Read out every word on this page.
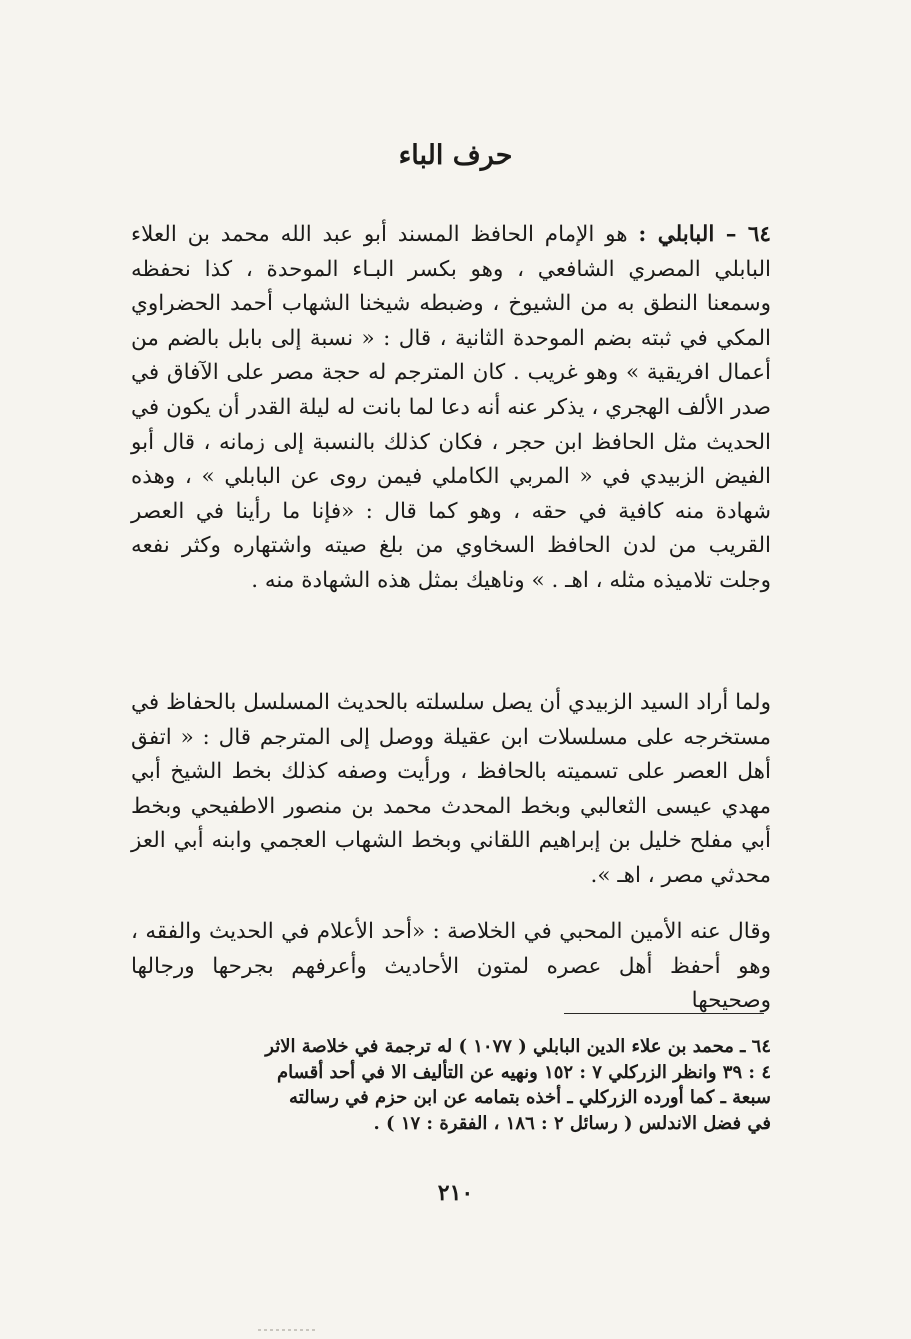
حرف الباء

٦٤ – البابلي : هو الإمام الحافظ المسند أبو عبد الله محمد بن العلاء البابلي المصري الشافعي ، وهو بكسر البـاء الموحدة ، كذا نحفظه وسمعنا النطق به من الشيوخ ، وضبطه شيخنا الشهاب أحمد الحضراوي المكي في ثبته بضم الموحدة الثانية ، قال : « نسبة إلى بابل بالضم من أعمال افريقية » وهو غريب . كان المترجم له حجة مصر على الآفاق في صدر الألف الهجري ، يذكر عنه أنه دعا لما بانت له ليلة القدر أن يكون في الحديث مثل الحافظ ابن حجر ، فكان كذلك بالنسبة إلى زمانه ، قال أبو الفيض الزبيدي في « المربي الكاملي فيمن روى عن البابلي » ، وهذه شهادة منه كافية في حقه ، وهو كما قال : «فإنا ما رأينا في العصر القريب من لدن الحافظ السخاوي من بلغ صيته واشتهاره وكثر نفعه وجلت تلاميذه مثله ، اهـ . » وناهيك بمثل هذه الشهادة منه .

ولما أراد السيد الزبيدي أن يصل سلسلته بالحديث المسلسل بالحفاظ في مستخرجه على مسلسلات ابن عقيلة ووصل إلى المترجم قال : « اتفق أهل العصر على تسميته بالحافظ ، ورأيت وصفه كذلك بخط الشيخ أبي مهدي عيسى الثعالبي وبخط المحدث محمد بن منصور الاطفيحي وبخط أبي مفلح خليل بن إبراهيم اللقاني وبخط الشهاب العجمي وابنه أبي العز محدثي مصر ، اهـ ».

وقال عنه الأمين المحبي في الخلاصة : «أحد الأعلام في الحديث والفقه ، وهو أحفظ أهل عصره لمتون الأحاديث وأعرفهم بجرحها ورجالها وصحيحها

٦٤ ـ محمد بن علاء الدين البابلي ( ١٠٧٧ ) له ترجمة في خلاصة الاثر

٤ : ٣٩ وانظر الزركلي ٧ : ١٥٢ ونهيه عن التأليف الا في أحد أقسام

سبعة ـ كما أورده الزركلي ـ أخذه بتمامه عن ابن حزم في رسالته

في فضل الاندلس ( رسائل ٢ : ١٨٦ ، الفقرة : ١٧ ) .

٢١٠
